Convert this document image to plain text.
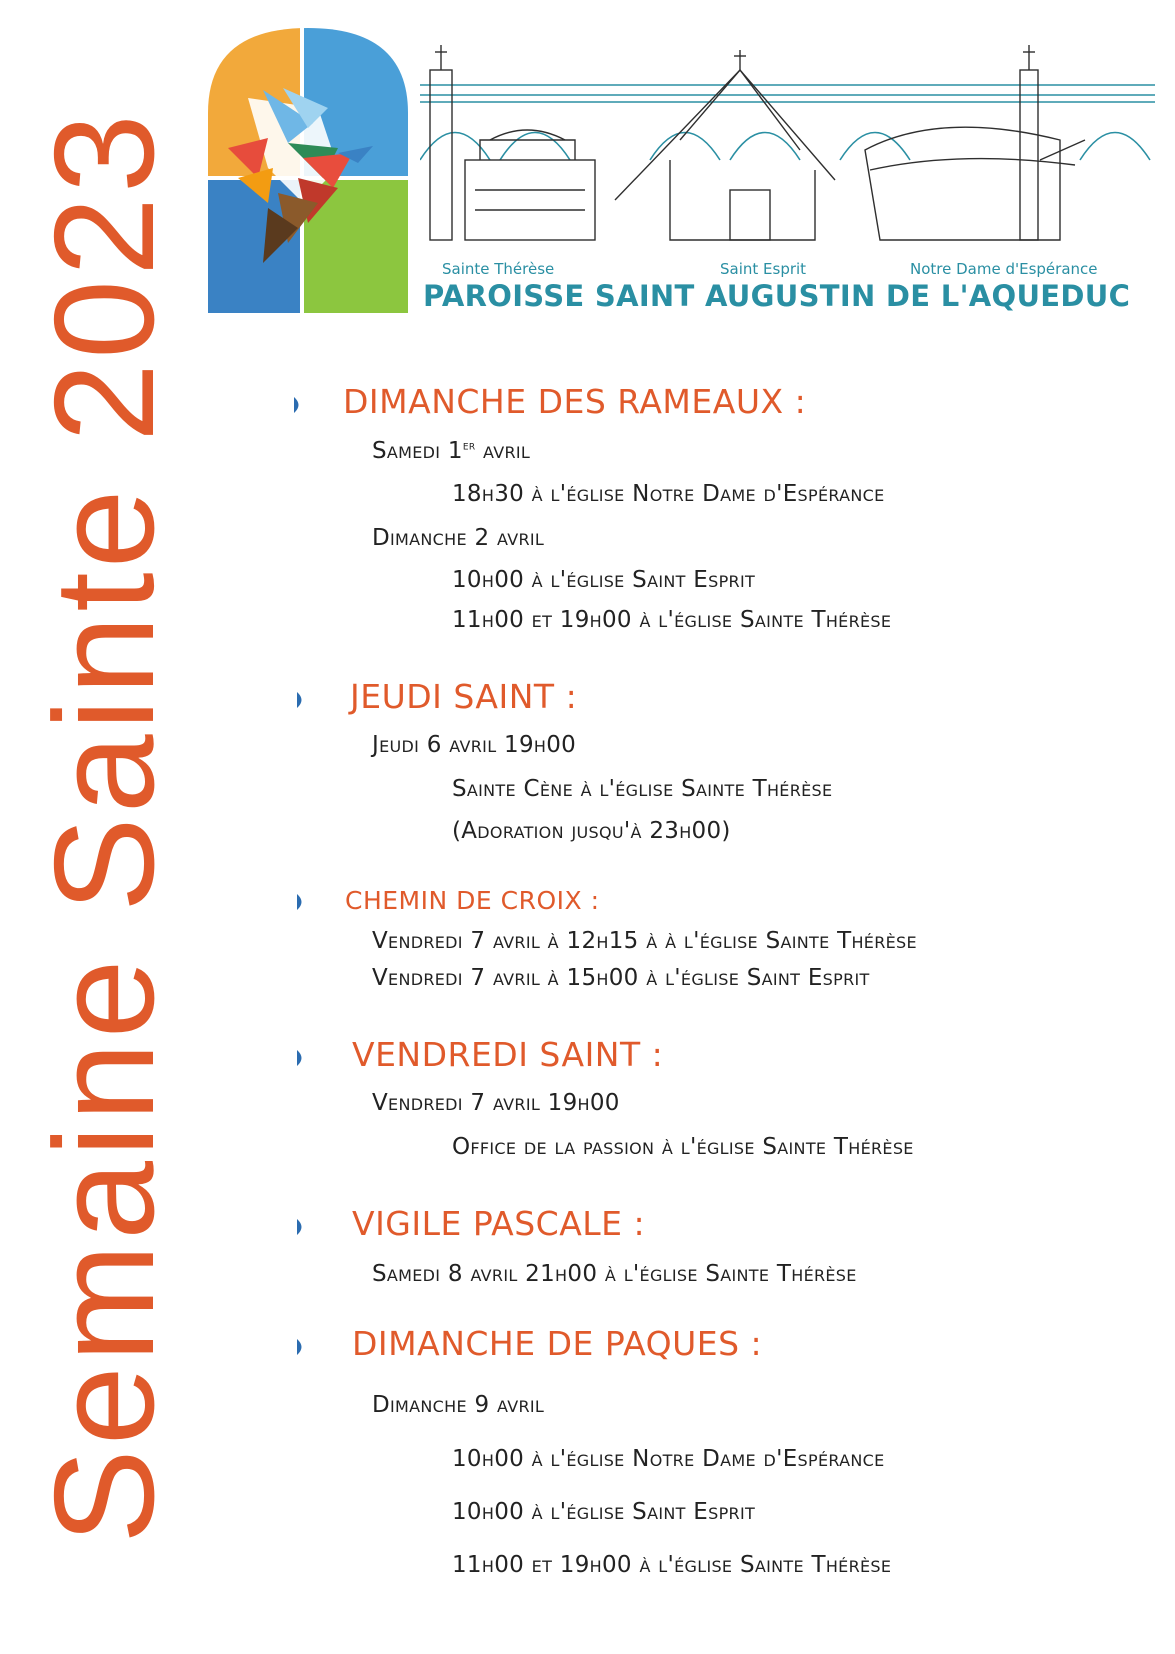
Semaine Sainte 2023	Sainte Thérèse	Saint Esprit	Notre Dame d'Espérance
PAROISSE SAINT AUGUSTIN DE L'AQUEDUC
DIMANCHE DES RAMEAUX :
Samedi 1er avril
18h30 à l'église Notre Dame d'Espérance
Dimanche 2 avril
10h00 à l'église Saint Esprit
11h00 et 19h00 à l'église Sainte Thérèse
JEUDI SAINT :
Jeudi 6 avril 19h00
Sainte Cène à l'église Sainte Thérèse
(Adoration jusqu'à 23h00)
CHEMIN DE CROIX :
Vendredi 7 avril à 12h15 à à l'église Sainte Thérèse
Vendredi 7 avril à 15h00 à l'église Saint Esprit
VENDREDI SAINT :
Vendredi 7 avril 19h00
Office de la passion à l'église Sainte Thérèse
VIGILE PASCALE :
Samedi 8 avril 21h00 à l'église Sainte Thérèse
DIMANCHE DE PAQUES :
Dimanche 9 avril
10h00 à l'église Notre Dame d'Espérance
10h00 à l'église Saint Esprit
11h00 et 19h00 à l'église Sainte Thérèse
